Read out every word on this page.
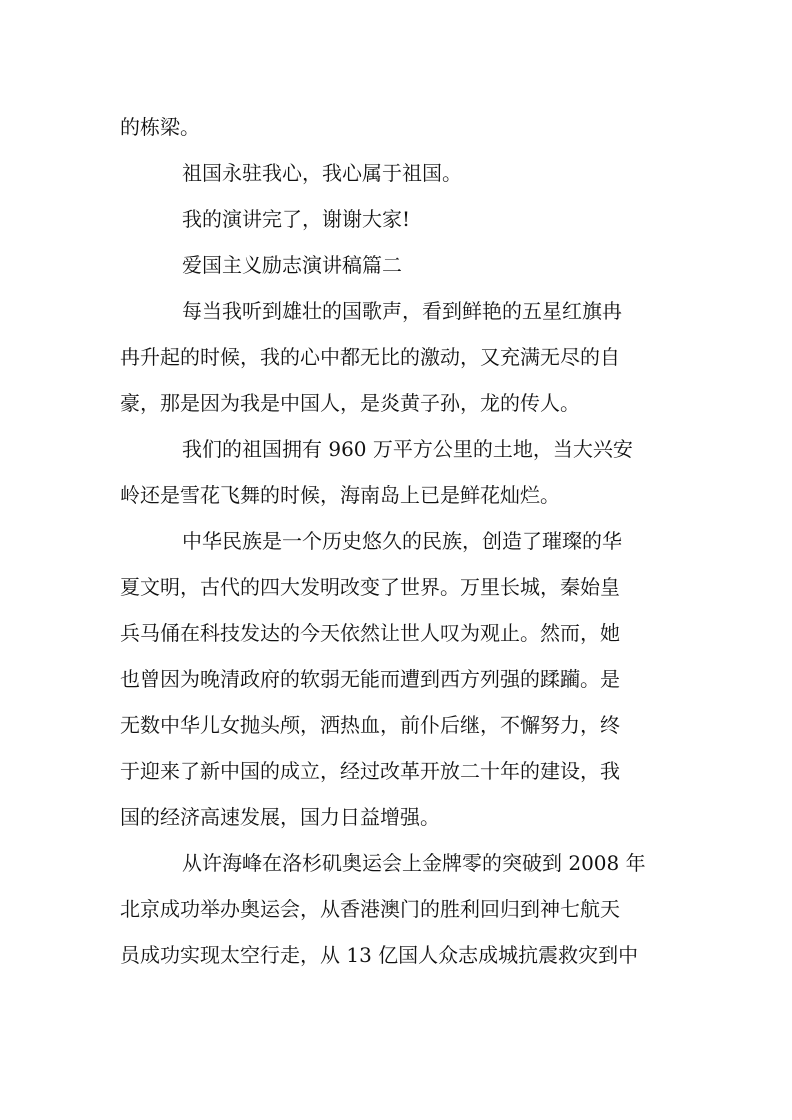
的栋梁。

祖国永驻我心，我心属于祖国。

我的演讲完了，谢谢大家!

爱国主义励志演讲稿篇二

每当我听到雄壮的国歌声，看到鲜艳的五星红旗冉

冉升起的时候，我的心中都无比的激动，又充满无尽的自

豪，那是因为我是中国人，是炎黄子孙，龙的传人。

我们的祖国拥有 960 万平方公里的土地，当大兴安

岭还是雪花飞舞的时候，海南岛上已是鲜花灿烂。

中华民族是一个历史悠久的民族，创造了璀璨的华

夏文明，古代的四大发明改变了世界。万里长城，秦始皇

兵马俑在科技发达的今天依然让世人叹为观止。然而，她

也曾因为晚清政府的软弱无能而遭到西方列强的蹂躏。是

无数中华儿女抛头颅，洒热血，前仆后继，不懈努力，终

于迎来了新中国的成立，经过改革开放二十年的建设，我

国的经济高速发展，国力日益增强。

从许海峰在洛杉矶奥运会上金牌零的突破到 2008 年

北京成功举办奥运会，从香港澳门的胜利回归到神七航天

员成功实现太空行走，从 13 亿国人众志成城抗震救灾到中
